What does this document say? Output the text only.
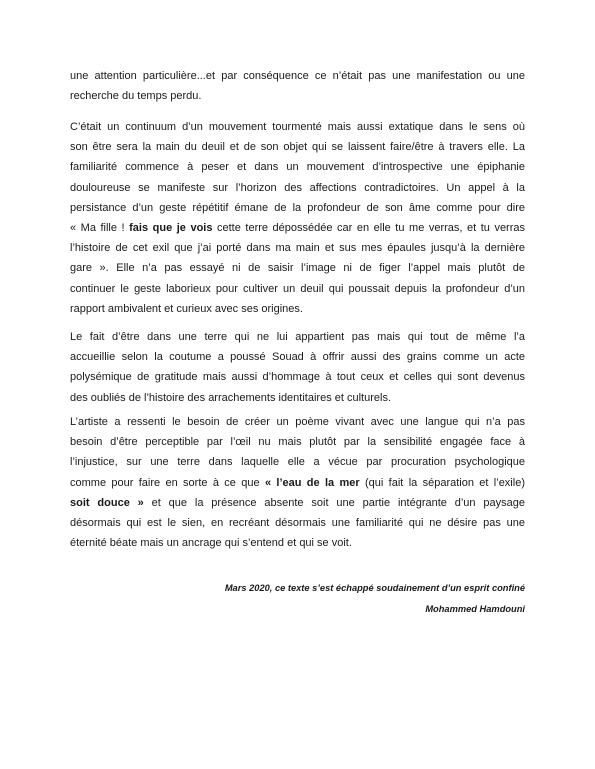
une attention particulière...et par conséquence ce n’était pas une manifestation ou une
recherche du temps perdu.

C’était un continuum d’un mouvement tourmenté mais aussi extatique dans le sens où
son être sera la main du deuil et de son objet qui se laissent faire/être à travers elle. La
familiarité commence à peser et dans un mouvement d’introspective une épiphanie
douloureuse se manifeste sur l’horizon des affections contradictoires. Un appel à la
persistance d’un geste répétitif émane de la profondeur de son âme comme pour dire
« Ma fille ! fais que je vois cette terre dépossédée car en elle tu me verras, et tu verras
l’histoire de cet exil que j’ai porté dans ma main et sus mes épaules jusqu’à la dernière
gare ». Elle n’a pas essayé ni de saisir l’image ni de figer l’appel mais plutôt de
continuer le geste laborieux pour cultiver un deuil qui poussait depuis la profondeur d’un
rapport ambivalent et curieux avec ses origines.

Le fait d’être dans une terre qui ne lui appartient pas mais qui tout de même l’a
accueillie selon la coutume a poussé Souad à offrir aussi des grains comme un acte
polysémique de gratitude mais aussi d’hommage à tout ceux et celles qui sont devenus
des oubliés de l’histoire des arrachements identitaires et culturels.

L’artiste a ressenti le besoin de créer un poème vivant avec une langue qui n’a pas
besoin d’être perceptible par l’œil nu mais plutôt par la sensibilité engagée face à
l’injustice, sur une terre dans laquelle elle a vécue par procuration psychologique
comme pour faire en sorte à ce que « l’eau de la mer (qui fait la séparation et l’exile)
soit douce » et que la présence absente soit une partie intégrante d’un paysage
désormais qui est le sien, en recréant désormais une familiarité qui ne désire pas une
éternité béate mais un ancrage qui s’entend et qui se voit.

Mars 2020, ce texte s’est échappé soudainement d’un esprit confiné
Mohammed Hamdouni
